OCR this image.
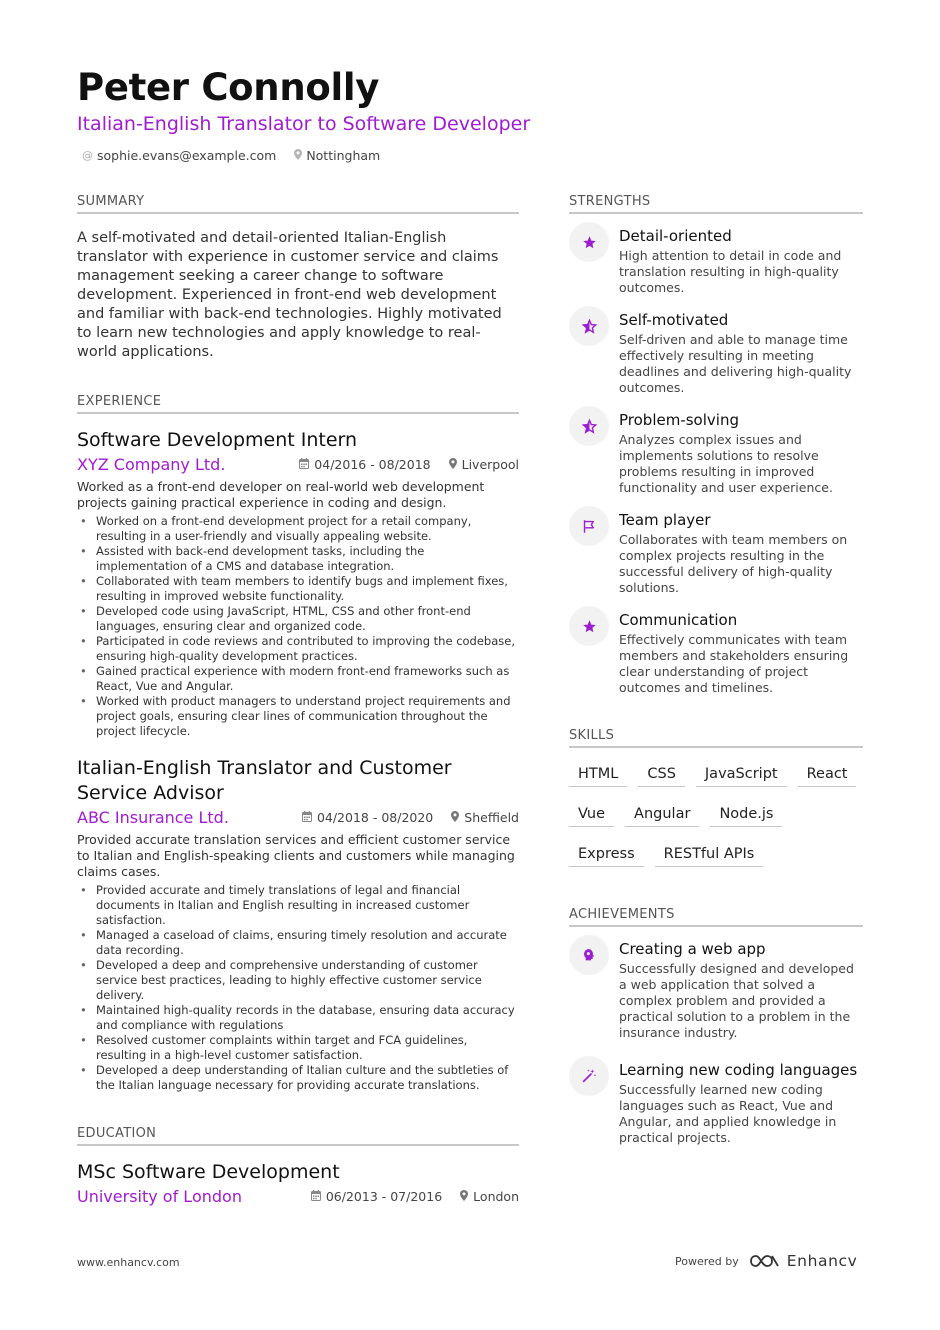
Peter Connolly
Italian-English Translator to Software Developer
@ sophie.evans@example.com Nottingham
SUMMARY
A self-motivated and detail-oriented Italian-English translator with experience in customer service and claims management seeking a career change to software development. Experienced in front-end web development and familiar with back-end technologies. Highly motivated to learn new technologies and apply knowledge to real-world applications.
EXPERIENCE
Software Development Intern
XYZ Company Ltd.	04/2016 - 08/2018 Liverpool
Worked as a front-end developer on real-world web development projects gaining practical experience in coding and design.
• Worked on a front-end development project for a retail company, resulting in a user-friendly and visually appealing website.
• Assisted with back-end development tasks, including the implementation of a CMS and database integration.
• Collaborated with team members to identify bugs and implement fixes, resulting in improved website functionality.
• Developed code using JavaScript, HTML, CSS and other front-end languages, ensuring clear and organized code.
• Participated in code reviews and contributed to improving the codebase, ensuring high-quality development practices.
• Gained practical experience with modern front-end frameworks such as React, Vue and Angular.
• Worked with product managers to understand project requirements and project goals, ensuring clear lines of communication throughout the project lifecycle.
Italian-English Translator and Customer Service Advisor
ABC Insurance Ltd.	04/2018 - 08/2020 Sheffield
Provided accurate translation services and efficient customer service to Italian and English-speaking clients and customers while managing claims cases.
• Provided accurate and timely translations of legal and financial documents in Italian and English resulting in increased customer satisfaction.
• Managed a caseload of claims, ensuring timely resolution and accurate data recording.
• Developed a deep and comprehensive understanding of customer service best practices, leading to highly effective customer service delivery.
• Maintained high-quality records in the database, ensuring data accuracy and compliance with regulations
• Resolved customer complaints within target and FCA guidelines, resulting in a high-level customer satisfaction.
• Developed a deep understanding of Italian culture and the subtleties of the Italian language necessary for providing accurate translations.
EDUCATION
MSc Software Development
University of London	06/2013 - 07/2016 London
STRENGTHS
Detail-oriented
High attention to detail in code and translation resulting in high-quality outcomes.
Self-motivated
Self-driven and able to manage time effectively resulting in meeting deadlines and delivering high-quality outcomes.
Problem-solving
Analyzes complex issues and implements solutions to resolve problems resulting in improved functionality and user experience.
Team player
Collaborates with team members on complex projects resulting in the successful delivery of high-quality solutions.
Communication
Effectively communicates with team members and stakeholders ensuring clear understanding of project outcomes and timelines.
SKILLS
HTML	CSS	JavaScript	React
Vue	Angular	Node.js
Express	RESTful APIs
ACHIEVEMENTS
Creating a web app
Successfully designed and developed a web application that solved a complex problem and provided a practical solution to a problem in the insurance industry.
Learning new coding languages
Successfully learned new coding languages such as React, Vue and Angular, and applied knowledge in practical projects.
www.enhancv.com	Powered by	Enhancv
